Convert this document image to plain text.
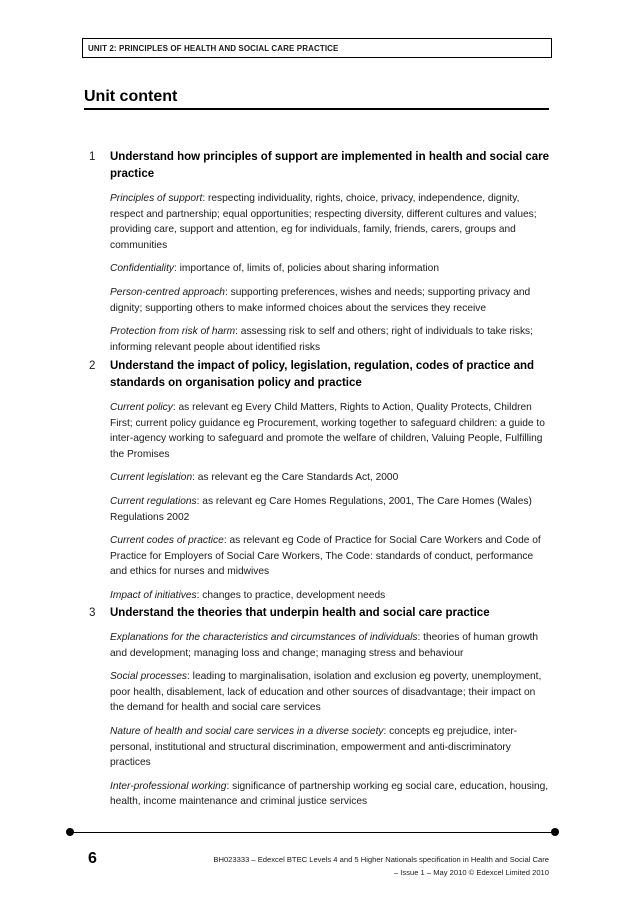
UNIT 2: PRINCIPLES OF HEALTH AND SOCIAL CARE PRACTICE
Unit content
1 Understand how principles of support are implemented in health and social care practice
Principles of support: respecting individuality, rights, choice, privacy, independence, dignity, respect and partnership; equal opportunities; respecting diversity, different cultures and values; providing care, support and attention, eg for individuals, family, friends, carers, groups and communities
Confidentiality: importance of, limits of, policies about sharing information
Person-centred approach: supporting preferences, wishes and needs; supporting privacy and dignity; supporting others to make informed choices about the services they receive
Protection from risk of harm: assessing risk to self and others; right of individuals to take risks; informing relevant people about identified risks
2 Understand the impact of policy, legislation, regulation, codes of practice and standards on organisation policy and practice
Current policy: as relevant eg Every Child Matters, Rights to Action, Quality Protects, Children First; current policy guidance eg Procurement, working together to safeguard children: a guide to inter-agency working to safeguard and promote the welfare of children, Valuing People, Fulfilling the Promises
Current legislation: as relevant eg the Care Standards Act, 2000
Current regulations: as relevant eg Care Homes Regulations, 2001, The Care Homes (Wales) Regulations 2002
Current codes of practice: as relevant eg Code of Practice for Social Care Workers and Code of Practice for Employers of Social Care Workers, The Code: standards of conduct, performance and ethics for nurses and midwives
Impact of initiatives: changes to practice, development needs
3 Understand the theories that underpin health and social care practice
Explanations for the characteristics and circumstances of individuals: theories of human growth and development; managing loss and change; managing stress and behaviour
Social processes: leading to marginalisation, isolation and exclusion eg poverty, unemployment, poor health, disablement, lack of education and other sources of disadvantage; their impact on the demand for health and social care services
Nature of health and social care services in a diverse society: concepts eg prejudice, inter-personal, institutional and structural discrimination, empowerment and anti-discriminatory practices
Inter-professional working: significance of partnership working eg social care, education, housing, health, income maintenance and criminal justice services
6	BH023333 – Edexcel BTEC Levels 4 and 5 Higher Nationals specification in Health and Social Care
– Issue 1 – May 2010 © Edexcel Limited 2010
